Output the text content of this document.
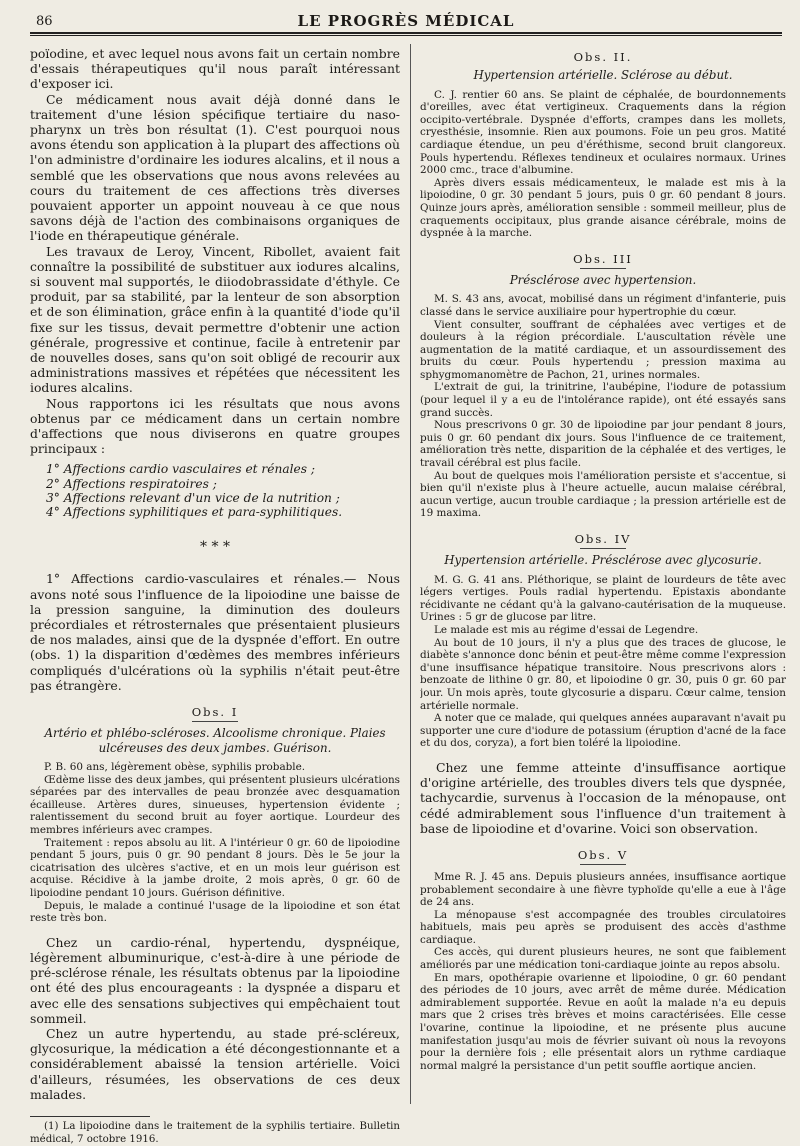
86	LE PROGRÈS MÉDICAL

poïodine, et avec lequel nous avons fait un certain nombre d'essais thérapeutiques qu'il nous paraît intéressant d'exposer ici.

Ce médicament nous avait déjà donné dans le traitement d'une lésion spécifique tertiaire du naso-pharynx un très bon résultat (1). C'est pourquoi nous avons étendu son application à la plupart des affections où l'on administre d'ordinaire les iodures alcalins, et il nous a semblé que les observations que nous avons relevées au cours du traitement de ces affections très diverses pouvaient apporter un appoint nouveau à ce que nous savons déjà de l'action des combinaisons organiques de l'iode en thérapeutique générale.

Les travaux de Leroy, Vincent, Ribollet, avaient fait connaître la possibilité de substituer aux iodures alcalins, si souvent mal supportés, le diiodobrassidate d'éthyle. Ce produit, par sa stabilité, par la lenteur de son absorption et de son élimination, grâce enfin à la quantité d'iode qu'il fixe sur les tissus, devait permettre d'obtenir une action générale, progressive et continue, facile à entretenir par de nouvelles doses, sans qu'on soit obligé de recourir aux administrations massives et répétées que nécessitent les iodures alcalins.

Nous rapportons ici les résultats que nous avons obtenus par ce médicament dans un certain nombre d'affections que nous diviserons en quatre groupes principaux :

1° Affections cardio vasculaires et rénales ;
2° Affections respiratoires ;
3° Affections relevant d'un vice de la nutrition ;
4° Affections syphilitiques et para-syphilitiques.
* * *

1° Affections cardio-vasculaires et rénales.— Nous avons noté sous l'influence de la lipoiodine une baisse de la pression sanguine, la diminution des douleurs précordiales et rétrosternales que présentaient plusieurs de nos malades, ainsi que de la dyspnée d'effort. En outre (obs. 1) la disparition d'œdèmes des membres inférieurs compliqués d'ulcérations où la syphilis n'était peut-être pas étrangère.

Obs. I
Artério et phlébo-scléroses. Alcoolisme chronique. Plaies ulcéreuses des deux jambes. Guérison.

P. B. 60 ans, légèrement obèse, syphilis probable.

Œdème lisse des deux jambes, qui présentent plusieurs ulcérations séparées par des intervalles de peau bronzée avec desquamation écailleuse. Artères dures, sinueuses, hypertension évidente ; ralentissement du second bruit au foyer aortique. Lourdeur des membres inférieurs avec crampes.

Traitement : repos absolu au lit. A l'intérieur 0 gr. 60 de lipoiodine pendant 5 jours, puis 0 gr. 90 pendant 8 jours. Dès le 5e jour la cicatrisation des ulcères s'active, et en un mois leur guérison est acquise. Récidive à la jambe droite, 2 mois après, 0 gr. 60 de lipoiodine pendant 10 jours. Guérison définitive.

Depuis, le malade a continué l'usage de la lipoiodine et son état reste très bon.

Chez un cardio-rénal, hypertendu, dyspnéique, légèrement albuminurique, c'est-à-dire à une période de pré-sclérose rénale, les résultats obtenus par la lipoiodine ont été des plus encourageants : la dyspnée a disparu et avec elle des sensations subjectives qui empêchaient tout sommeil.

Chez un autre hypertendu, au stade pré-scléreux, glycosurique, la médication a été décongestionnante et a considérablement abaissé la tension artérielle. Voici d'ailleurs, résumées, les observations de ces deux malades.

(1) La lipoiodine dans le traitement de la syphilis tertiaire. Bulletin médical, 7 octobre 1916.

Obs. II.
Hypertension artérielle. Sclérose au début.

C. J. rentier 60 ans. Se plaint de céphalée, de bourdonnements d'oreilles, avec état vertigineux. Craquements dans la région occipito-vertébrale. Dyspnée d'efforts, crampes dans les mollets, cryesthésie, insomnie. Rien aux poumons. Foie un peu gros. Matité cardiaque étendue, un peu d'éréthisme, second bruit clangoreux. Pouls hypertendu. Réflexes tendineux et oculaires normaux. Urines 2000 cmc., trace d'albumine.

Après divers essais médicamenteux, le malade est mis à la lipoiodine, 0 gr. 30 pendant 5 jours, puis 0 gr. 60 pendant 8 jours. Quinze jours après, amélioration sensible : sommeil meilleur, plus de craquements occipitaux, plus grande aisance cérébrale, moins de dyspnée à la marche.

Obs. III
Présclérose avec hypertension.

M. S. 43 ans, avocat, mobilisé dans un régiment d'infanterie, puis classé dans le service auxiliaire pour hypertrophie du cœur.

Vient consulter, souffrant de céphalées avec vertiges et de douleurs à la région précordiale. L'auscultation révèle une augmentation de la matité cardiaque, et un assourdissement des bruits du cœur. Pouls hypertendu ; pression maxima au sphygmomanomètre de Pachon, 21, urines normales.

L'extrait de gui, la trinitrine, l'aubépine, l'iodure de potassium (pour lequel il y a eu de l'intolérance rapide), ont été essayés sans grand succès.

Nous prescrivons 0 gr. 30 de lipoiodine par jour pendant 8 jours, puis 0 gr. 60 pendant dix jours. Sous l'influence de ce traitement, amélioration très nette, disparition de la céphalée et des vertiges, le travail cérébral est plus facile.

Au bout de quelques mois l'amélioration persiste et s'accentue, si bien qu'il n'existe plus à l'heure actuelle, aucun malaise cérébral, aucun vertige, aucun trouble cardiaque ; la pression artérielle est de 19 maxima.

Obs. IV
Hypertension artérielle. Présclérose avec glycosurie.

M. G. G. 41 ans. Pléthorique, se plaint de lourdeurs de tête avec légers vertiges. Pouls radial hypertendu. Epistaxis abondante récidivante ne cédant qu'à la galvano-cautérisation de la muqueuse. Urines : 5 gr de glucose par litre.

Le malade est mis au régime d'essai de Legendre.

Au bout de 10 jours, il n'y a plus que des traces de glucose, le diabète s'annonce donc bénin et peut-être même comme l'expression d'une insuffisance hépatique transitoire. Nous prescrivons alors : benzoate de lithine 0 gr. 80, et lipoiodine 0 gr. 30, puis 0 gr. 60 par jour. Un mois après, toute glycosurie a disparu. Cœur calme, tension artérielle normale.

A noter que ce malade, qui quelques années auparavant n'avait pu supporter une cure d'iodure de potassium (éruption d'acné de la face et du dos, coryza), a fort bien toléré la lipoiodine.

Chez une femme atteinte d'insuffisance aortique d'origine artérielle, des troubles divers tels que dyspnée, tachycardie, survenus à l'occasion de la ménopause, ont cédé admirablement sous l'influence d'un traitement à base de lipoiodine et d'ovarine. Voici son observation.

Obs. V

Mme R. J. 45 ans. Depuis plusieurs années, insuffisance aortique probablement secondaire à une fièvre typhoïde qu'elle a eue à l'âge de 24 ans.

La ménopause s'est accompagnée des troubles circulatoires habituels, mais peu après se produisent des accès d'asthme cardiaque.

Ces accès, qui durent plusieurs heures, ne sont que faiblement améliorés par une médication toni-cardiaque jointe au repos absolu.

En mars, opothérapie ovarienne et lipoiodine, 0 gr. 60 pendant des périodes de 10 jours, avec arrêt de même durée. Médication admirablement supportée. Revue en août la malade n'a eu depuis mars que 2 crises très brèves et moins caractérisées. Elle cesse l'ovarine, continue la lipoiodine, et ne présente plus aucune manifestation jusqu'au mois de février suivant où nous la revoyons pour la dernière fois ; elle présentait alors un rythme cardiaque normal malgré la persistance d'un petit souffle aortique ancien.
